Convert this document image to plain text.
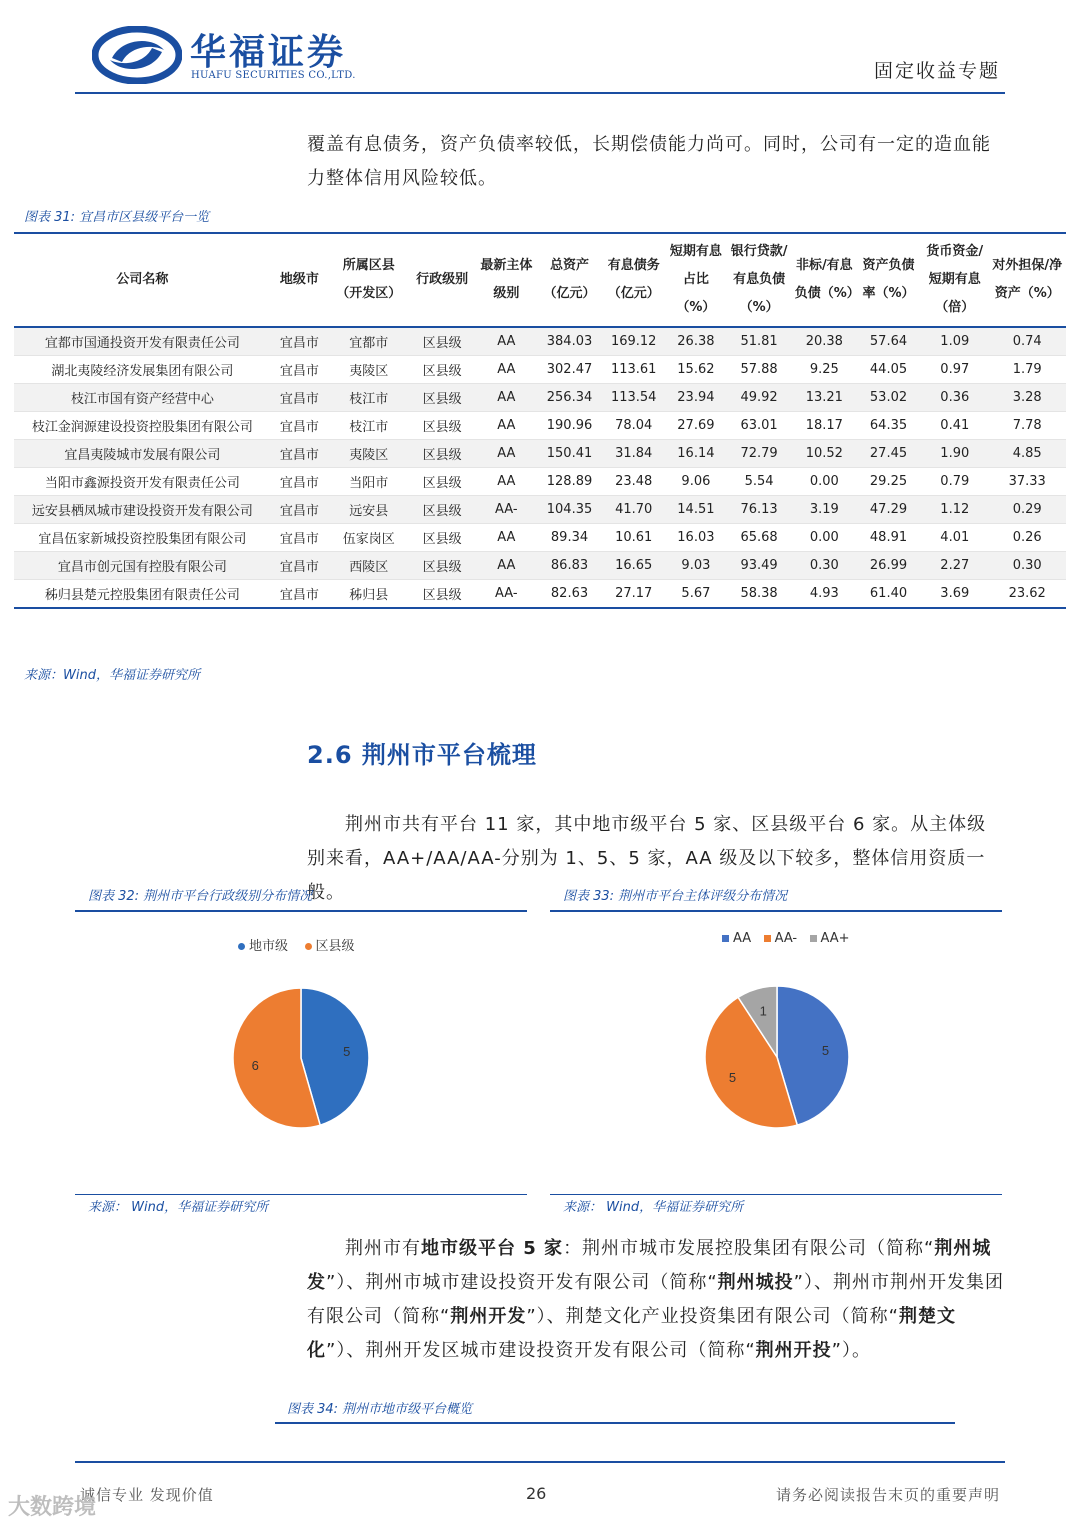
华福证券
HUAFU SECURITIES CO.,LTD.	固定收益专题
覆盖有息债务，资产负债率较低，长期偿债能力尚可。同时，公司有一定的造血能力整体信用风险较低。
图表 31: 宜昌市区县级平台一览
公司名称	地级市	所属区县（开发区）	行政级别	最新主体级别	总资产（亿元）	有息债务（亿元）	短期有息占比（%）	银行贷款/有息负债（%）	非标/有息负债（%）	资产负债率（%）	货币资金/短期有息（倍）	对外担保/净资产（%）
宜都市国通投资开发有限责任公司	宜昌市	宜都市	区县级	AA	384.03	169.12	26.38	51.81	20.38	57.64	1.09	0.74
湖北夷陵经济发展集团有限公司	宜昌市	夷陵区	区县级	AA	302.47	113.61	15.62	57.88	9.25	44.05	0.97	1.79
枝江市国有资产经营中心	宜昌市	枝江市	区县级	AA	256.34	113.54	23.94	49.92	13.21	53.02	0.36	3.28
枝江金润源建设投资控股集团有限公司	宜昌市	枝江市	区县级	AA	190.96	78.04	27.69	63.01	18.17	64.35	0.41	7.78
宜昌夷陵城市发展有限公司	宜昌市	夷陵区	区县级	AA	150.41	31.84	16.14	72.79	10.52	27.45	1.90	4.85
当阳市鑫源投资开发有限责任公司	宜昌市	当阳市	区县级	AA	128.89	23.48	9.06	5.54	0.00	29.25	0.79	37.33
远安县栖凤城市建设投资开发有限公司	宜昌市	远安县	区县级	AA-	104.35	41.70	14.51	76.13	3.19	47.29	1.12	0.29
宜昌伍家新城投资控股集团有限公司	宜昌市	伍家岗区	区县级	AA	89.34	10.61	16.03	65.68	0.00	48.91	4.01	0.26
宜昌市创元国有控股有限公司	宜昌市	西陵区	区县级	AA	86.83	16.65	9.03	93.49	0.30	26.99	2.27	0.30
秭归县楚元控股集团有限责任公司	宜昌市	秭归县	区县级	AA-	82.63	27.17	5.67	58.38	4.93	61.40	3.69	23.62
来源：Wind，华福证券研究所
2.6 荆州市平台梳理
荆州市共有平台 11 家，其中地市级平台 5 家、区县级平台 6 家。从主体级别来看，AA+/AA/AA-分别为 1、5、5 家，AA 级及以下较多，整体信用资质一般。
图表 32: 荆州市平台行政级别分布情况
地市级 区县级
5
6
来源： Wind，华福证券研究所
图表 33: 荆州市平台主体评级分布情况
AA AA- AA+
5
5
1
来源： Wind，华福证券研究所
荆州市有地市级平台 5 家：荆州市城市发展控股集团有限公司（简称“荆州城发”）、荆州市城市建设投资开发有限公司（简称“荆州城投”）、荆州市荆州开发集团有限公司（简称“荆州开发”）、荆楚文化产业投资集团有限公司（简称“荆楚文化”）、荆州开发区城市建设投资开发有限公司（简称“荆州开投”）。
图表 34: 荆州市地市级平台概览
诚信专业 发现价值	26	请务必阅读报告末页的重要声明
大数跨境
